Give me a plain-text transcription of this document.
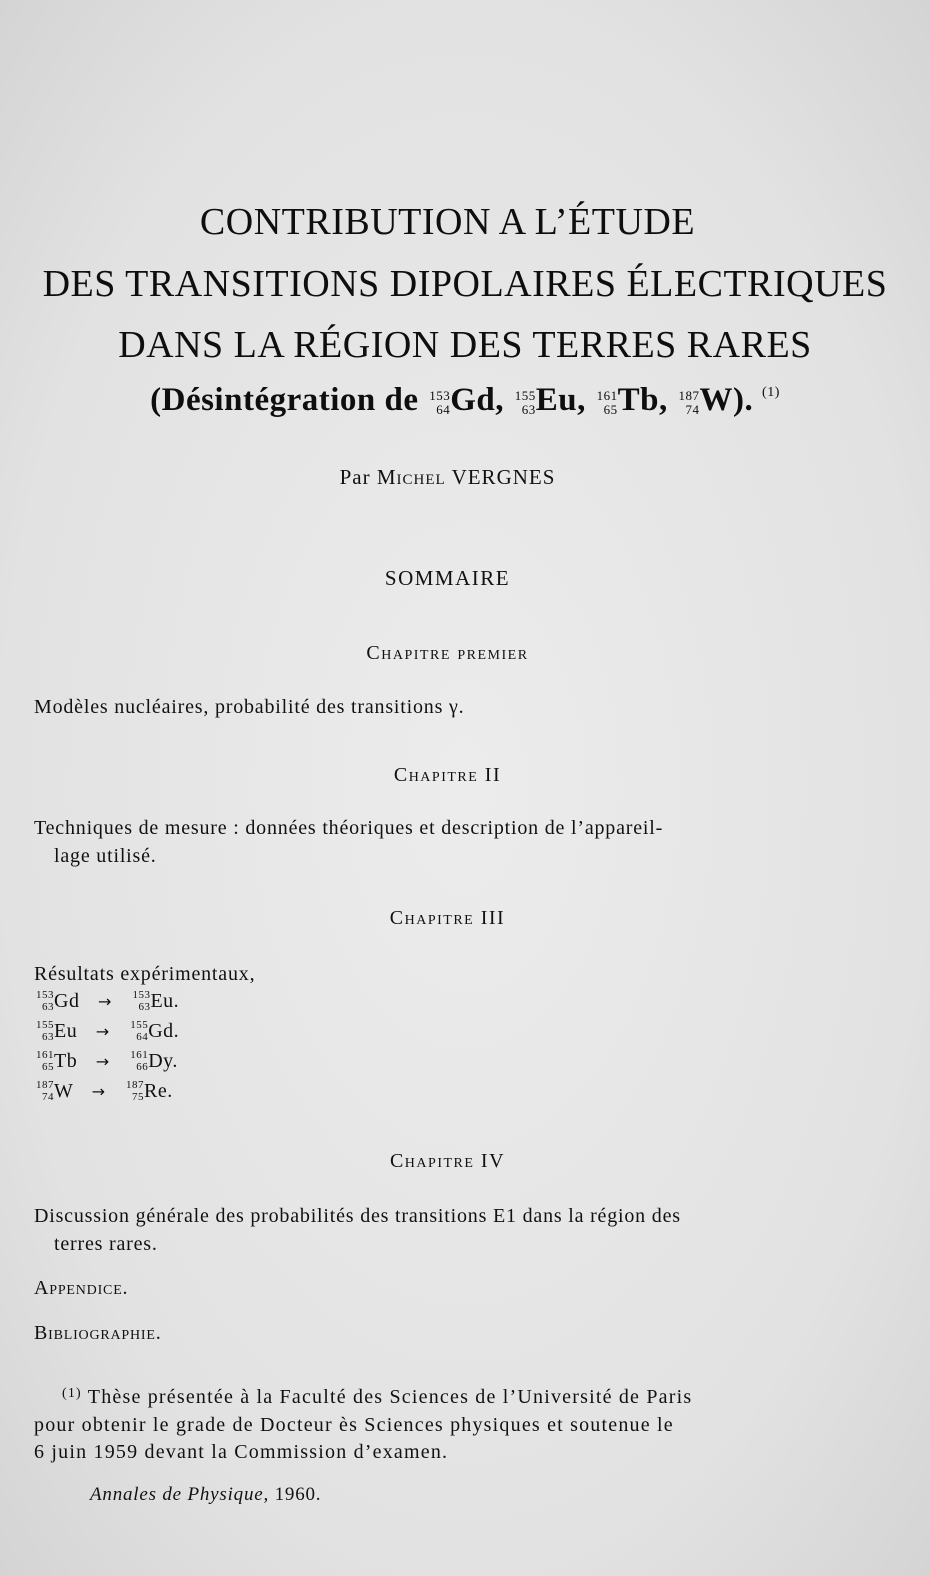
CONTRIBUTION A L’ÉTUDE
DES TRANSITIONS DIPOLAIRES ÉLECTRIQUES
DANS LA RÉGION DES TERRES RARES
(Désintégration de 153
64 Gd, 155
63 Eu, 161
65 Tb, 187
74 W). $^{(1)}$
Par Michel VERGNES
SOMMAIRE
Chapitre premier
Modèles nucléaires, probabilité des transitions γ.
Chapitre II
Techniques de mesure : données théoriques et description de l’appareil-
lage utilisé.
Chapitre III
Résultats expérimentaux,
153
63 Gd → 153
63 Eu.
155
63 Eu → 155
64 Gd.
161
65 Tb → 161
66 Dy.
187
74 W → 187
75 Re.
Chapitre IV
Discussion générale des probabilités des transitions E1 dans la région des
terres rares.
Appendice.
Bibliographie.
$^{(1)}$ Thèse présentée à la Faculté des Sciences de l’Université de Paris
pour obtenir le grade de Docteur ès Sciences physiques et soutenue le
6 juin 1959 devant la Commission d’examen.
Annales de Physique, 1960.
